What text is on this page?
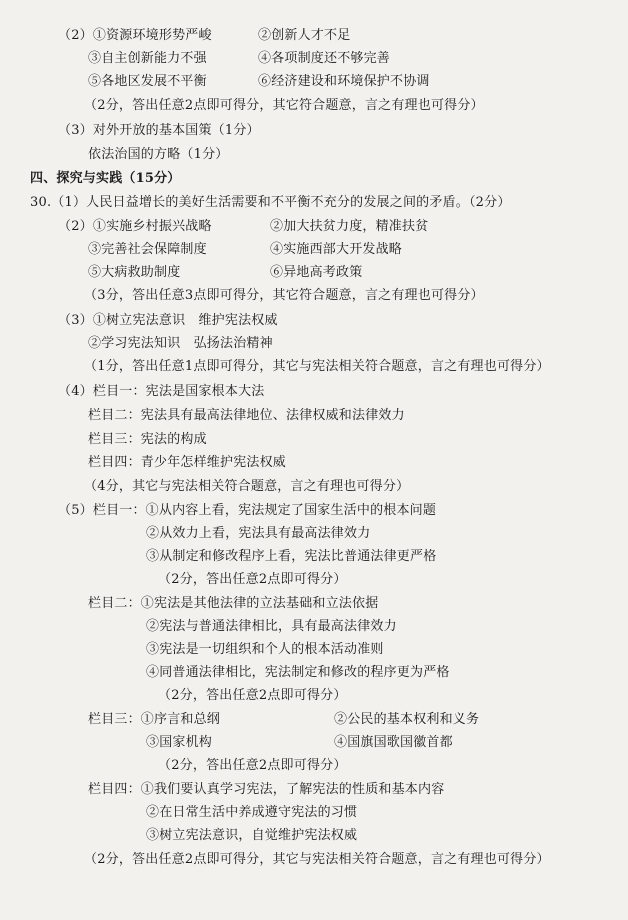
（2）①资源环境形势严峻	②创新人才不足
③自主创新能力不强	④各项制度还不够完善
⑤各地区发展不平衡	⑥经济建设和环境保护不协调
（2分，答出任意2点即可得分，其它符合题意，言之有理也可得分）
（3）对外开放的基本国策（1分）
依法治国的方略（1分）
四、探究与实践（15分）
30.（1）人民日益增长的美好生活需要和不平衡不充分的发展之间的矛盾。（2分）
（2）①实施乡村振兴战略	②加大扶贫力度，精准扶贫
③完善社会保障制度	④实施西部大开发战略
⑤大病救助制度	⑥异地高考政策
（3分，答出任意3点即可得分，其它符合题意，言之有理也可得分）
（3）①树立宪法意识　维护宪法权威
②学习宪法知识　弘扬法治精神
（1分，答出任意1点即可得分，其它与宪法相关符合题意，言之有理也可得分）
（4）栏目一：宪法是国家根本大法
栏目二：宪法具有最高法律地位、法律权威和法律效力
栏目三：宪法的构成
栏目四：青少年怎样维护宪法权威
（4分，其它与宪法相关符合题意，言之有理也可得分）
（5）栏目一：①从内容上看，宪法规定了国家生活中的根本问题
②从效力上看，宪法具有最高法律效力
③从制定和修改程序上看，宪法比普通法律更严格
（2分，答出任意2点即可得分）
栏目二：①宪法是其他法律的立法基础和立法依据
②宪法与普通法律相比，具有最高法律效力
③宪法是一切组织和个人的根本活动准则
④同普通法律相比，宪法制定和修改的程序更为严格
（2分，答出任意2点即可得分）
栏目三：①序言和总纲	②公民的基本权利和义务
③国家机构	④国旗国歌国徽首都
（2分，答出任意2点即可得分）
栏目四：①我们要认真学习宪法，了解宪法的性质和基本内容
②在日常生活中养成遵守宪法的习惯
③树立宪法意识，自觉维护宪法权威
（2分，答出任意2点即可得分，其它与宪法相关符合题意，言之有理也可得分）
